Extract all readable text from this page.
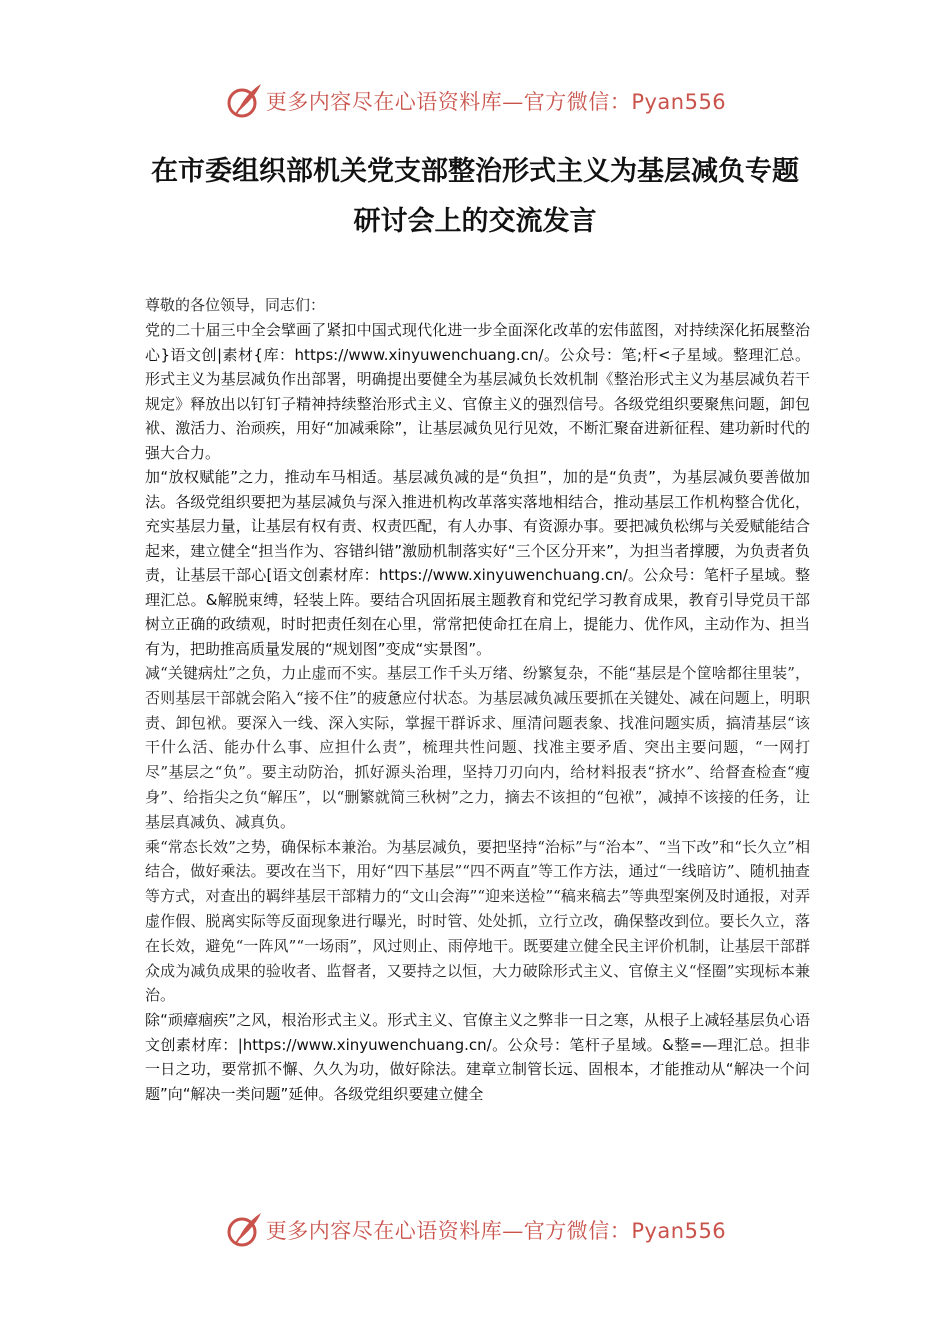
更多内容尽在心语资料库—官方微信：Pyan556
在市委组织部机关党支部整治形式主义为基层减负专题研讨会上的交流发言

尊敬的各位领导，同志们：

党的二十届三中全会擘画了紧扣中国式现代化进一步全面深化改革的宏伟蓝图，对持续深化拓展整治心}语文创|素材{库：https://www.xinyuwenchuang.cn/。公众号：笔;杆<子星域。整理汇总。形式主义为基层减负作出部署，明确提出要健全为基层减负长效机制《整治形式主义为基层减负若干规定》释放出以钉钉子精神持续整治形式主义、官僚主义的强烈信号。各级党组织要聚焦问题，卸包袱、激活力、治顽疾，用好“加减乘除”，让基层减负见行见效，不断汇聚奋进新征程、建功新时代的强大合力。

加“放权赋能”之力，推动车马相适。基层减负减的是“负担”，加的是“负责”，为基层减负要善做加法。各级党组织要把为基层减负与深入推进机构改革落实落地相结合，推动基层工作机构整合优化，充实基层力量，让基层有权有责、权责匹配，有人办事、有资源办事。要把减负松绑与关爱赋能结合起来，建立健全“担当作为、容错纠错”激励机制落实好“三个区分开来”，为担当者撑腰，为负责者负责，让基层干部心[语文创素材库：https://www.xinyuwenchuang.cn/。公众号：笔杆子星域。整理汇总。&解脱束缚，轻装上阵。要结合巩固拓展主题教育和党纪学习教育成果，教育引导党员干部树立正确的政绩观，时时把责任刻在心里，常常把使命扛在肩上，提能力、优作风，主动作为、担当有为，把助推高质量发展的“规划图”变成“实景图”。

减“关键病灶”之负，力止虚而不实。基层工作千头万绪、纷繁复杂，不能“基层是个筐啥都往里装”，否则基层干部就会陷入“接不住”的疲惫应付状态。为基层减负减压要抓在关键处、减在问题上，明职责、卸包袱。要深入一线、深入实际，掌握干群诉求、厘清问题表象、找准问题实质，搞清基层“该干什么活、能办什么事、应担什么责”，梳理共性问题、找准主要矛盾、突出主要问题，“一网打尽”基层之“负”。要主动防治，抓好源头治理，坚持刀刃向内，给材料报表“挤水”、给督查检查“瘦身”、给指尖之负“解压”，以“删繁就简三秋树”之力，摘去不该担的“包袱”，减掉不该接的任务，让基层真减负、减真负。

乘“常态长效”之势，确保标本兼治。为基层减负，要把坚持“治标”与“治本”、“当下改”和“长久立”相结合，做好乘法。要改在当下，用好“四下基层”“四不两直”等工作方法，通过“一线暗访”、随机抽查等方式，对查出的羁绊基层干部精力的“文山会海”“迎来送检”“稿来稿去”等典型案例及时通报，对弄虚作假、脱离实际等反面现象进行曝光，时时管、处处抓，立行立改，确保整改到位。要长久立，落在长效，避免“一阵风”“一场雨”，风过则止、雨停地干。既要建立健全民主评价机制，让基层干部群众成为减负成果的验收者、监督者，又要持之以恒，大力破除形式主义、官僚主义“怪圈”实现标本兼治。

除“顽瘴痼疾”之风，根治形式主义。形式主义、官僚主义之弊非一日之寒，从根子上减轻基层负心语文创素材库：|https://www.xinyuwenchuang.cn/。公众号：笔杆子星域。&整=—理汇总。担非一日之功，要常抓不懈、久久为功，做好除法。建章立制管长远、固根本，才能推动从“解决一个问题”向“解决一类问题”延伸。各级党组织要建立健全

更多内容尽在心语资料库—官方微信：Pyan556
